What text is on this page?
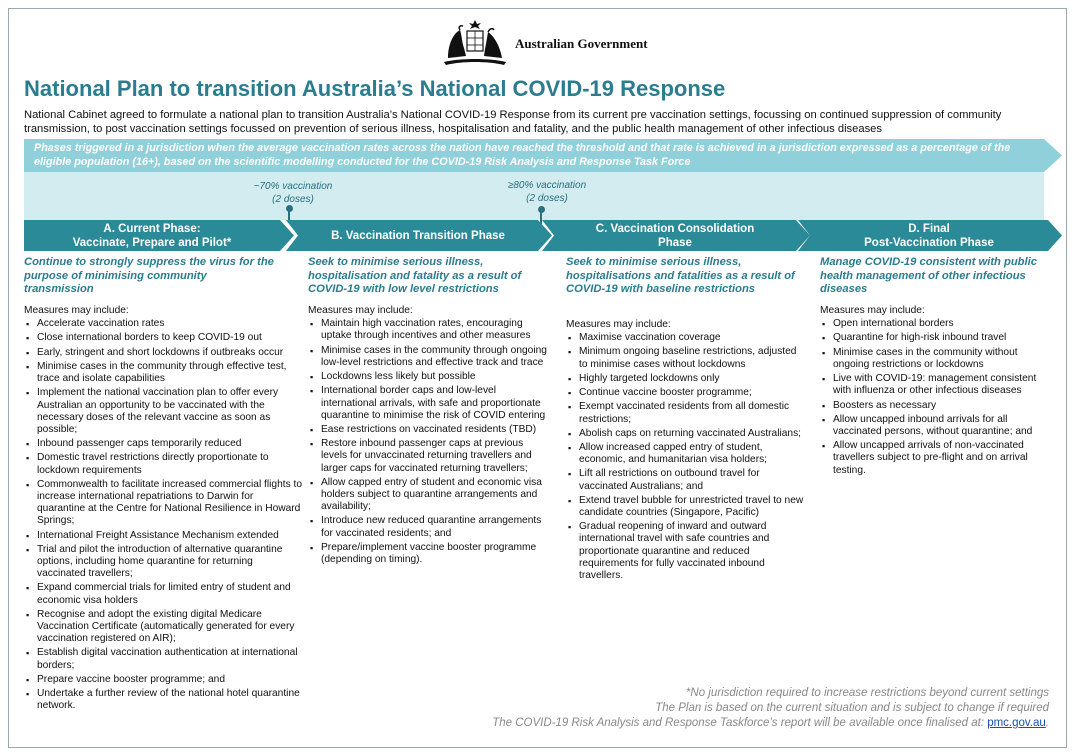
Australian Government
National Plan to transition Australia’s National COVID-19 Response

National Cabinet agreed to formulate a national plan to transition Australia’s National COVID-19 Response from its current pre vaccination settings, focussing on continued suppression of community transmission, to post vaccination settings focussed on prevention of serious illness, hospitalisation and fatality, and the public health management of other infectious diseases

Phases triggered in a jurisdiction when the average vaccination rates across the nation have reached the threshold and that rate is achieved in a jurisdiction expressed as a percentage of the eligible population (16+), based on the scientific modelling conducted for the COVID-19 Risk Analysis and Response Task Force
~70% vaccination
(2 doses)
≥80% vaccination
(2 doses)
A. Current Phase:
Vaccinate, Prepare and Pilot*
B. Vaccination Transition Phase
C. Vaccination Consolidation
Phase
D. Final
Post-Vaccination Phase
Continue to strongly suppress the virus for the purpose of minimising community transmission
Measures may include:
▪ Accelerate vaccination rates
▪ Close international borders to keep COVID-19 out
▪ Early, stringent and short lockdowns if outbreaks occur
▪ Minimise cases in the community through effective test, trace and isolate capabilities
▪ Implement the national vaccination plan to offer every Australian an opportunity to be vaccinated with the necessary doses of the relevant vaccine as soon as possible;
▪ Inbound passenger caps temporarily reduced
▪ Domestic travel restrictions directly proportionate to lockdown requirements
▪ Commonwealth to facilitate increased commercial flights to increase international repatriations to Darwin for quarantine at the Centre for National Resilience in Howard Springs;
▪ International Freight Assistance Mechanism extended
▪ Trial and pilot the introduction of alternative quarantine options, including home quarantine for returning vaccinated travellers;
▪ Expand commercial trials for limited entry of student and economic visa holders
▪ Recognise and adopt the existing digital Medicare Vaccination Certificate (automatically generated for every vaccination registered on AIR);
▪ Establish digital vaccination authentication at international borders;
▪ Prepare vaccine booster programme; and
▪ Undertake a further review of the national hotel quarantine network.
Seek to minimise serious illness, hospitalisation and fatality as a result of COVID-19 with low level restrictions
Measures may include:
▪ Maintain high vaccination rates, encouraging uptake through incentives and other measures
▪ Minimise cases in the community through ongoing low-level restrictions and effective track and trace
▪ Lockdowns less likely but possible
▪ International border caps and low-level international arrivals, with safe and proportionate quarantine to minimise the risk of COVID entering
▪ Ease restrictions on vaccinated residents (TBD)
▪ Restore inbound passenger caps at previous levels for unvaccinated returning travellers and larger caps for vaccinated returning travellers;
▪ Allow capped entry of student and economic visa holders subject to quarantine arrangements and availability;
▪ Introduce new reduced quarantine arrangements for vaccinated residents; and
▪ Prepare/implement vaccine booster programme (depending on timing).
Seek to minimise serious illness, hospitalisations and fatalities as a result of COVID-19 with baseline restrictions
Measures may include:
▪ Maximise vaccination coverage
▪ Minimum ongoing baseline restrictions, adjusted to minimise cases without lockdowns
▪ Highly targeted lockdowns only
▪ Continue vaccine booster programme;
▪ Exempt vaccinated residents from all domestic restrictions;
▪ Abolish caps on returning vaccinated Australians;
▪ Allow increased capped entry of student, economic, and humanitarian visa holders;
▪ Lift all restrictions on outbound travel for vaccinated Australians; and
▪ Extend travel bubble for unrestricted travel to new candidate countries (Singapore, Pacific)
▪ Gradual reopening of inward and outward international travel with safe countries and proportionate quarantine and reduced requirements for fully vaccinated inbound travellers.
Manage COVID-19 consistent with public health management of other infectious diseases
Measures may include:
▪ Open international borders
▪ Quarantine for high-risk inbound travel
▪ Minimise cases in the community without ongoing restrictions or lockdowns
▪ Live with COVID-19: management consistent with influenza or other infectious diseases
▪ Boosters as necessary
▪ Allow uncapped inbound arrivals for all vaccinated persons, without quarantine; and
▪ Allow uncapped arrivals of non-vaccinated travellers subject to pre-flight and on arrival testing.
*No jurisdiction required to increase restrictions beyond current settings
The Plan is based on the current situation and is subject to change if required
The COVID-19 Risk Analysis and Response Taskforce’s report will be available once finalised at: pmc.gov.au.
